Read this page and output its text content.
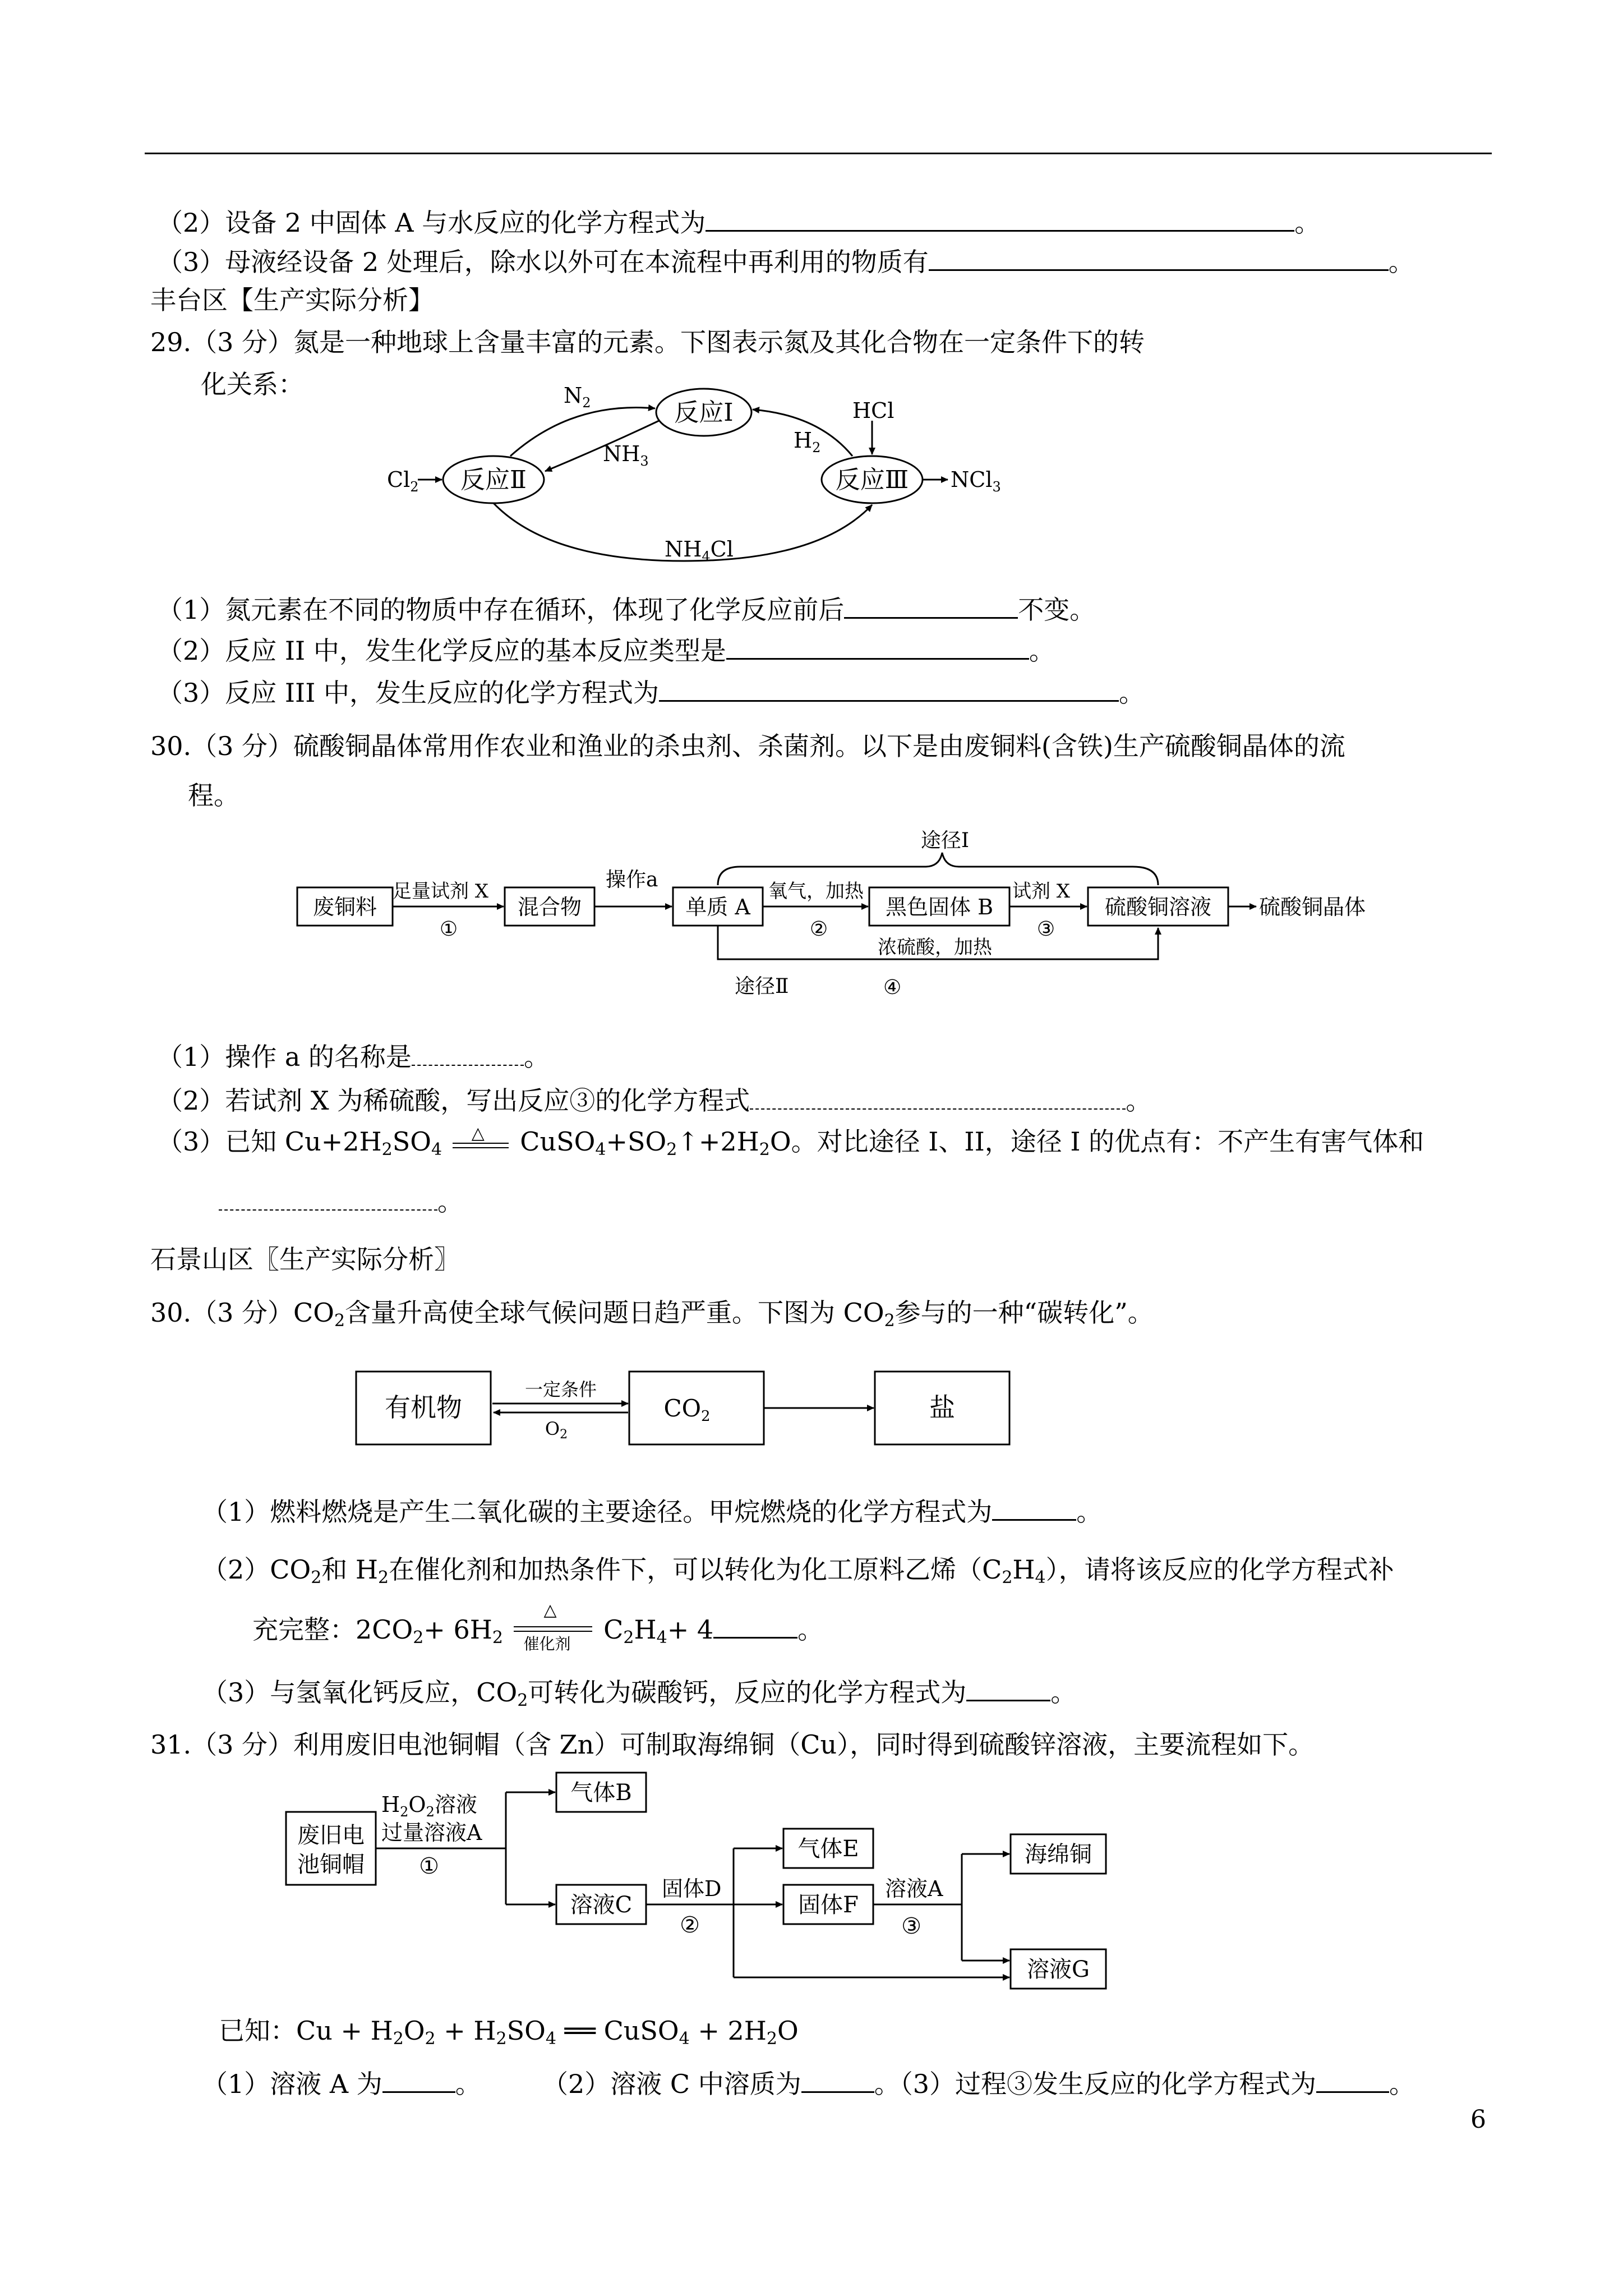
（2）设备 2 中固体 A 与水反应的化学方程式为	。
（3）母液经设备 2 处理后，除水以外可在本流程中再利用的物质有	。
丰台区【生产实际分析】
29.（3 分）氮是一种地球上含量丰富的元素。下图表示氮及其化合物在一定条件下的转
化关系：
反应Ⅰ
反应Ⅱ	反应Ⅲ
$N_2$
$NH_3$
$H_2$
HCl
$Cl_2$	NCl$_3$
$NH_4Cl$
（1）氮元素在不同的物质中存在循环，体现了化学反应前后	不变。
（2）反应 II 中，发生化学反应的基本反应类型是	。
（3）反应 III 中，发生反应的化学方程式为	。
30.（3 分）硫酸铜晶体常用作农业和渔业的杀虫剂、杀菌剂。以下是由废铜料(含铁)生产硫酸铜晶体的流
程。
废铜料	混合物	单质 A	黑色固体 B	硫酸铜溶液 硫酸铜晶体
足量试剂 X
①
操作a	氧气，加热
②
试剂 X
③
途径Ⅰ
浓硫酸，加热
途径Ⅱ	④
（1）操作 a 的名称是	。
（2）若试剂 X 为稀硫酸，写出反应③的化学方程式	。
（3）已知 $Cu+2H_2SO_4$
△ $CuSO_4+SO_2↑+2H_2O$。对比途径 I、II，途径 I 的优点有：不产生有害气体和
。
石景山区〖生产实际分析〗
30.（3 分）$CO_2$含量升高使全球气候问题日趋严重。下图为 $CO_2$参与的一种“碳转化”。
有机物	CO2	盐
一定条件
O2
（1）燃料燃烧是产生二氧化碳的主要途径。甲烷燃烧的化学方程式为	。
$(2)CO_2$和 $H_2$在催化剂和加热条件下，可以转化为化工原料乙烯$(C_2H_4)$，请将该反应的化学方程式补
充完整：$2CO_2+ 6H_2$
△
催化剂 $C_2H_4+ 4$	。
（3）与氢氧化钙反应，$CO_2$可转化为碳酸钙，反应的化学方程式为	。
31.（3 分）利用废旧电池铜帽（含 Zn）可制取海绵铜（Cu），同时得到硫酸锌溶液，主要流程如下。
废旧电
池铜帽
$H_2O_2$溶液
过量溶液A
①
气体B
溶液C
固体D
②
气体E
固体F
溶液A
③
海绵铜
溶液G
已知：$Cu + H_2O_2 + H_2SO_4$ ══ CuSO$_4$ + $2H_2O$
（1）溶液 A 为	。 （2）溶液 C 中溶质为	。（3）过程③发生反应的化学方程式为	。
6
